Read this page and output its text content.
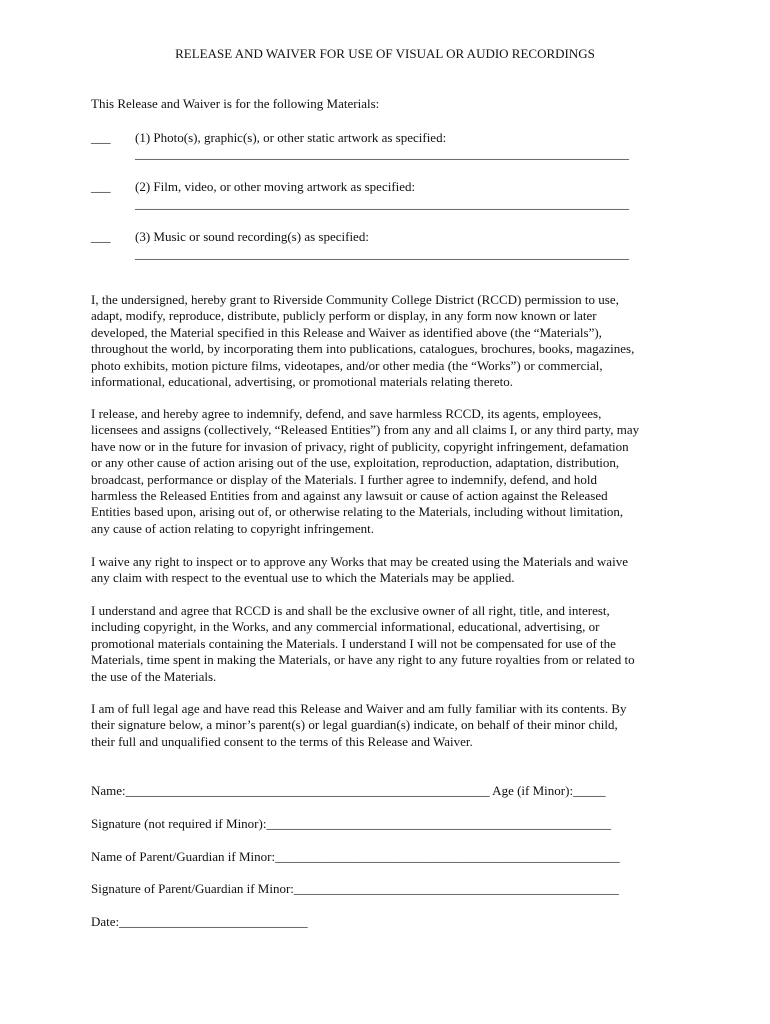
RELEASE AND WAIVER FOR USE OF VISUAL OR AUDIO RECORDINGS
This Release and Waiver is for the following Materials:
___ (1) Photo(s), graphic(s), or other static artwork as specified:
____________________________________________________________________________
___ (2) Film, video, or other moving artwork as specified:
____________________________________________________________________________
___ (3) Music or sound recording(s) as specified:
____________________________________________________________________________

I, the undersigned, hereby grant to Riverside Community College District (RCCD) permission to use,

adapt, modify, reproduce, distribute, publicly perform or display, in any form now known or later

developed, the Material specified in this Release and Waiver as identified above (the “Materials”),

throughout the world, by incorporating them into publications, catalogues, brochures, books, magazines,

photo exhibits, motion picture films, videotapes, and/or other media (the “Works”) or commercial,

informational, educational, advertising, or promotional materials relating thereto.

I release, and hereby agree to indemnify, defend, and save harmless RCCD, its agents, employees,

licensees and assigns (collectively, “Released Entities”) from any and all claims I, or any third party, may

have now or in the future for invasion of privacy, right of publicity, copyright infringement, defamation

or any other cause of action arising out of the use, exploitation, reproduction, adaptation, distribution,

broadcast, performance or display of the Materials. I further agree to indemnify, defend, and hold

harmless the Released Entities from and against any lawsuit or cause of action against the Released

Entities based upon, arising out of, or otherwise relating to the Materials, including without limitation,

any cause of action relating to copyright infringement.

I waive any right to inspect or to approve any Works that may be created using the Materials and waive

any claim with respect to the eventual use to which the Materials may be applied.

I understand and agree that RCCD is and shall be the exclusive owner of all right, title, and interest,

including copyright, in the Works, and any commercial informational, educational, advertising, or

promotional materials containing the Materials. I understand I will not be compensated for use of the

Materials, time spent in making the Materials, or have any right to any future royalties from or related to

the use of the Materials.

I am of full legal age and have read this Release and Waiver and am fully familiar with its contents. By

their signature below, a minor’s parent(s) or legal guardian(s) indicate, on behalf of their minor child,

their full and unqualified consent to the terms of this Release and Waiver.

Name:________________________________________________________ Age (if Minor):_____
Signature (not required if Minor):_____________________________________________________
Name of Parent/Guardian if Minor:_____________________________________________________
Signature of Parent/Guardian if Minor:__________________________________________________
Date:_____________________________
